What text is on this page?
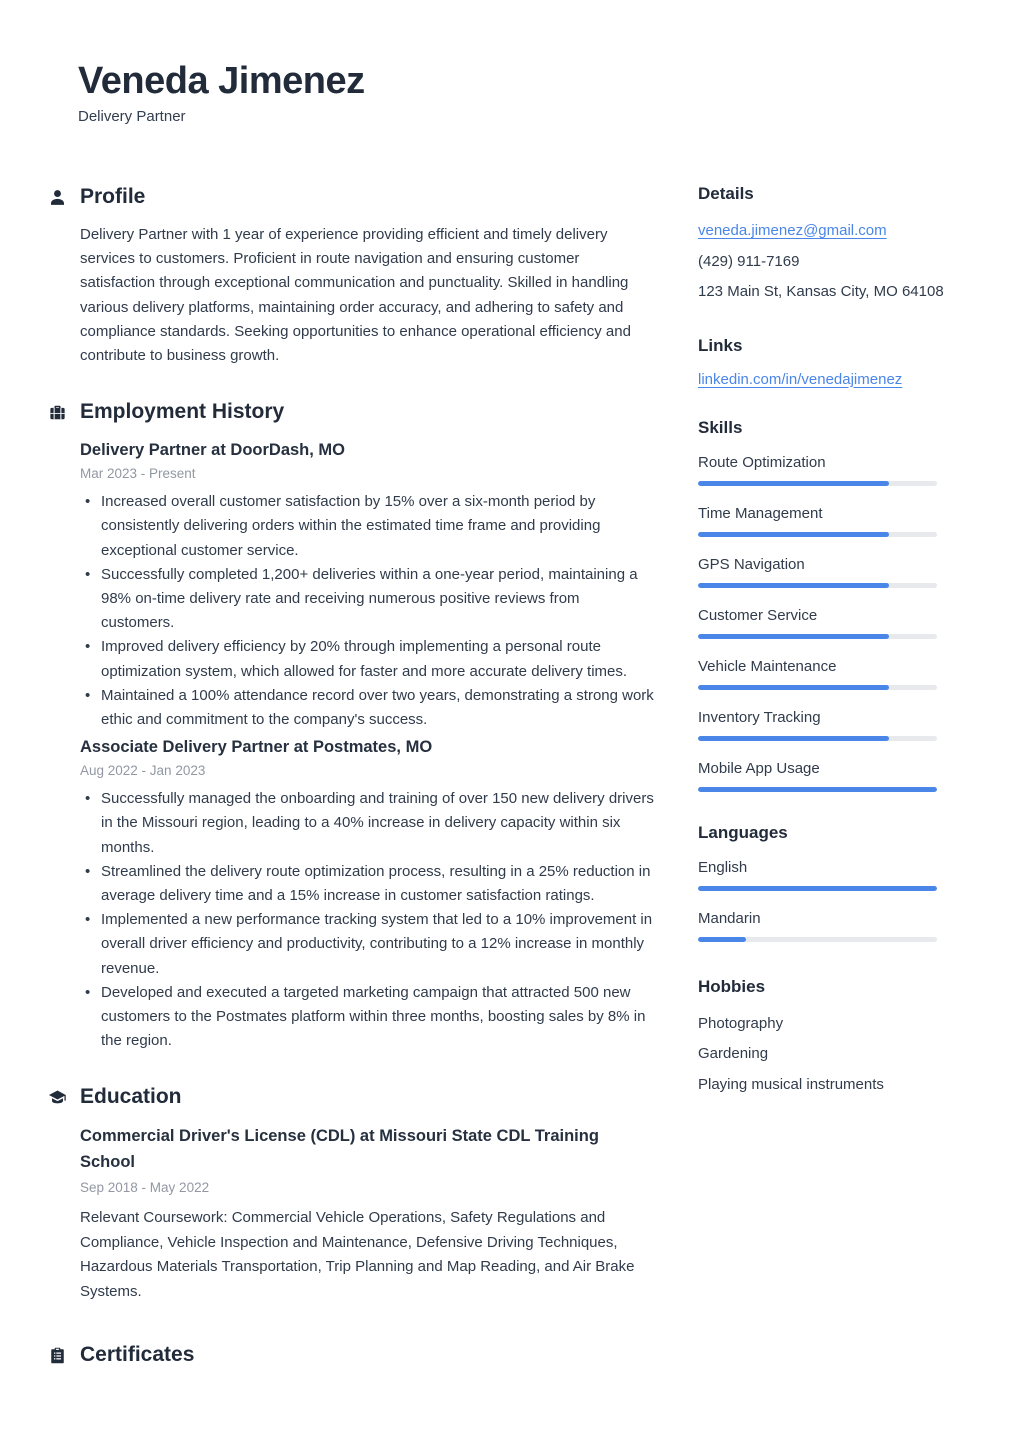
Veneda Jimenez
Delivery Partner
Profile

Delivery Partner with 1 year of experience providing efficient and timely delivery services to customers. Proficient in route navigation and ensuring customer satisfaction through exceptional communication and punctuality. Skilled in handling various delivery platforms, maintaining order accuracy, and adhering to safety and compliance standards. Seeking opportunities to enhance operational efficiency and contribute to business growth.

Employment History
Delivery Partner at DoorDash, MO
Mar 2023 - Present
• Increased overall customer satisfaction by 15% over a six-month period by consistently delivering orders within the estimated time frame and providing exceptional customer service.
• Successfully completed 1,200+ deliveries within a one-year period, maintaining a 98% on-time delivery rate and receiving numerous positive reviews from customers.
• Improved delivery efficiency by 20% through implementing a personal route optimization system, which allowed for faster and more accurate delivery times.
• Maintained a 100% attendance record over two years, demonstrating a strong work ethic and commitment to the company's success.
Associate Delivery Partner at Postmates, MO
Aug 2022 - Jan 2023
• Successfully managed the onboarding and training of over 150 new delivery drivers in the Missouri region, leading to a 40% increase in delivery capacity within six months.
• Streamlined the delivery route optimization process, resulting in a 25% reduction in average delivery time and a 15% increase in customer satisfaction ratings.
• Implemented a new performance tracking system that led to a 10% improvement in overall driver efficiency and productivity, contributing to a 12% increase in monthly revenue.
• Developed and executed a targeted marketing campaign that attracted 500 new customers to the Postmates platform within three months, boosting sales by 8% in the region.
Education
Commercial Driver's License (CDL) at Missouri State CDL Training School
Sep 2018 - May 2022

Relevant Coursework: Commercial Vehicle Operations, Safety Regulations and Compliance, Vehicle Inspection and Maintenance, Defensive Driving Techniques, Hazardous Materials Transportation, Trip Planning and Map Reading, and Air Brake Systems.

Certificates
Details
veneda.jimenez@gmail.com
(429) 911-7169
123 Main St, Kansas City, MO 64108
Links
linkedin.com/in/venedajimenez
Skills
Route Optimization
Time Management
GPS Navigation
Customer Service
Vehicle Maintenance
Inventory Tracking
Mobile App Usage
Languages
English
Mandarin
Hobbies
Photography
Gardening
Playing musical instruments
